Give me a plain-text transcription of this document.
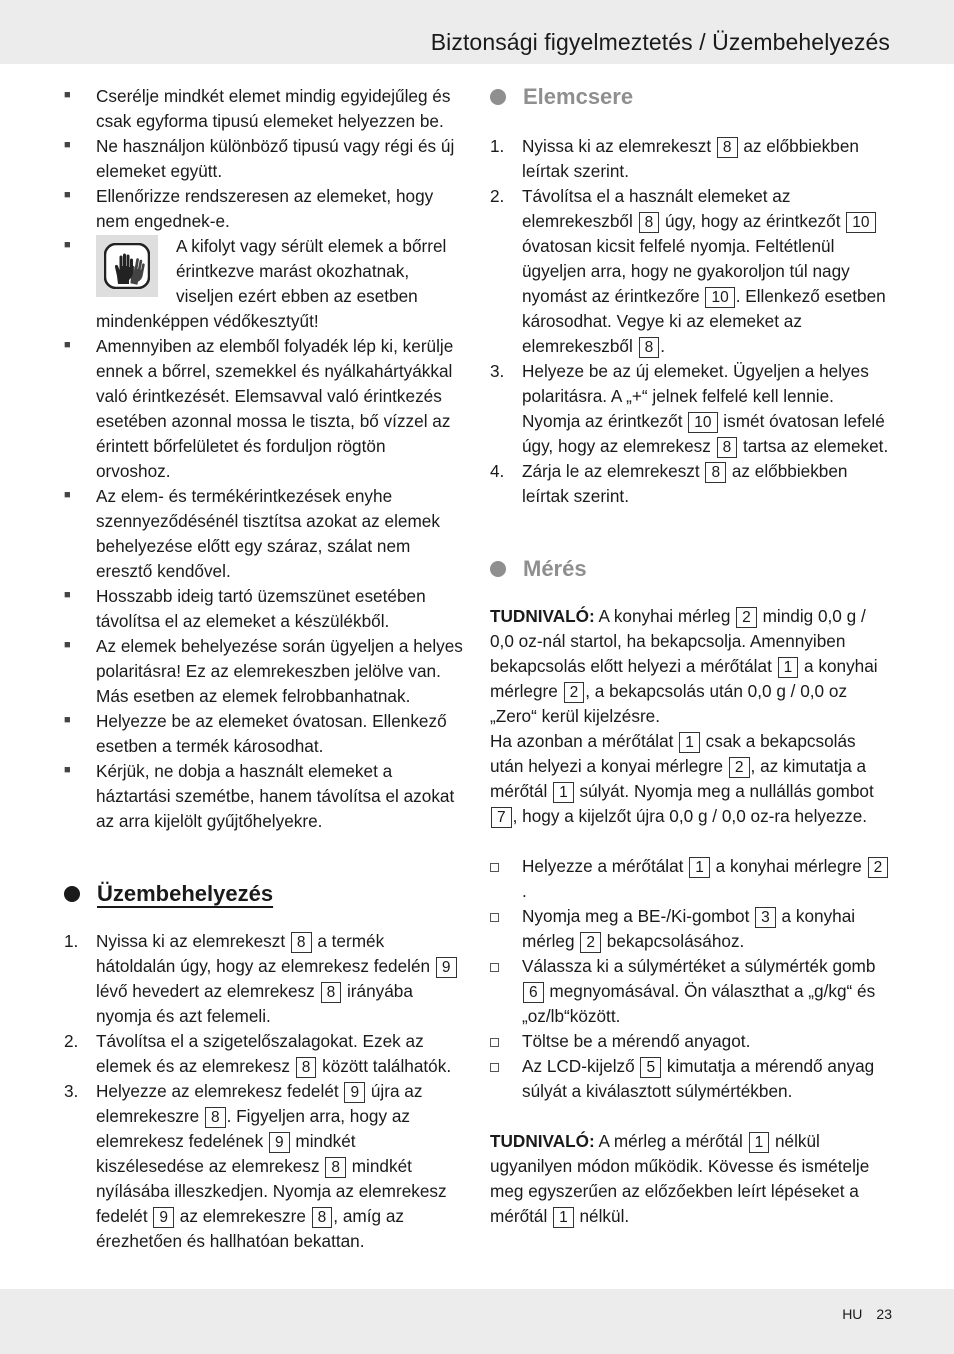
Biztonsági figyelmeztetés / Üzembehelyezés
■
Cserélje mindkét elemet mindig egyidejűleg és csak egyforma tipusú elemeket helyezzen be.
■
Ne használjon különböző tipusú vagy régi és új elemeket együtt.
■
Ellenőrizze rendszeresen az elemeket, hogy nem engednek-e.
■
A kifolyt vagy sérült elemek a bőrrel érintkezve marást okozhatnak, viseljen ezért ebben az esetben mindenképpen védőkesztyűt!
■
Amennyiben az elemből folyadék lép ki, kerülje ennek a bőrrel, szemekkel és nyálkahártyákkal való érintkezését. Elemsavval való érintkezés esetében azonnal mossa le tiszta, bő vízzel az érintett bőrfelületet és forduljon rögtön orvoshoz.
■
Az elem- és termékérintkezések enyhe szennyeződésénél tisztítsa azokat az elemek behelyezése előtt egy száraz, szálat nem eresztő kendővel.
■
Hosszabb ideig tartó üzemszünet esetében távolítsa el az elemeket a készülékből.
■
Az elemek behelyezése során ügyeljen a helyes polaritásra! Ez az elemrekeszben jelölve van. Más esetben az elemek felrobbanhatnak.
■
Helyezze be az elemeket óvatosan. Ellenkező esetben a termék károsodhat.
■
Kérjük, ne dobja a használt elemeket a háztartási szemétbe, hanem távolítsa el azokat az arra kijelölt gyűjtőhelyekre.
Üzembehelyezés
1. Nyissa ki az elemrekeszt 8 a termék hátoldalán úgy, hogy az elemrekesz fedelén 9 lévő hevedert az elemrekesz 8 irányába nyomja és azt felemeli.
2. Távolítsa el a szigetelőszalagokat. Ezek az elemek és az elemrekesz 8 között találhatók.
3. Helyezze az elemrekesz fedelét 9 újra az elemrekeszre 8 . Figyeljen arra, hogy az elemrekesz fedelének 9 mindkét kiszélesedése az elemrekesz 8 mindkét nyílásába illeszkedjen. Nyomja az elemrekesz fedelét 9 az elemrekeszre 8 , amíg az érezhetően és hallhatóan bekattan.
Elemcsere
1. Nyissa ki az elemrekeszt 8 az előbbiekben leírtak szerint.
2. Távolítsa el a használt elemeket az elemrekeszből 8 úgy, hogy az érintkezőt 10 óvatosan kicsit felfelé nyomja. Feltétlenül ügyeljen arra, hogy ne gyakoroljon túl nagy nyomást az érintkezőre 10 . Ellenkező esetben károsodhat. Vegye ki az elemeket az elemrekeszből 8 .
3. Helyeze be az új elemeket. Ügyeljen a helyes polaritásra. A „+“ jelnek felfelé kell lennie. Nyomja az érintkezőt 10 ismét óvatosan lefelé úgy, hogy az elemrekesz 8 tartsa az elemeket.
4. Zárja le az elemrekeszt 8 az előbbiekben leírtak szerint.
Mérés

TUDNIVALÓ: A konyhai mérleg 2 mindig 0,0 g / 0,0 oz-nál startol, ha bekapcsolja. Amennyiben bekapcsolás előtt helyezi a mérőtálat 1 a konyhai mérlegre 2 , a bekapcsolás után 0,0 g / 0,0 oz „Zero“ kerül kijelzésre.

Ha azonban a mérőtálat 1 csak a bekapcsolás után helyezi a konyai mérlegre 2 , az kimutatja a mérőtál 1 súlyát. Nyomja meg a nullállás gombot 7 , hogy a kijelzőt újra 0,0 g / 0,0 oz-ra helyezze.

Helyezze a mérőtálat 1 a konyhai mérlegre 2.
Nyomja meg a BE-/Ki-gombot 3 a konyhai mérleg 2 bekapcsolásához.
Válassza ki a súlymértéket a súlymérték gomb 6 megnyomásával. Ön választhat a „g/kg“ és „oz/lb“között.
Töltse be a mérendő anyagot.
Az LCD-kijelző 5 kimutatja a mérendő anyag súlyát a kiválasztott súlymértékben.

TUDNIVALÓ: A mérleg a mérőtál 1 nélkül ugyanilyen módon működik. Kövesse és ismételje meg egyszerűen az előzőekben leírt lépéseket a mérőtál 1 nélkül.

HU 23
